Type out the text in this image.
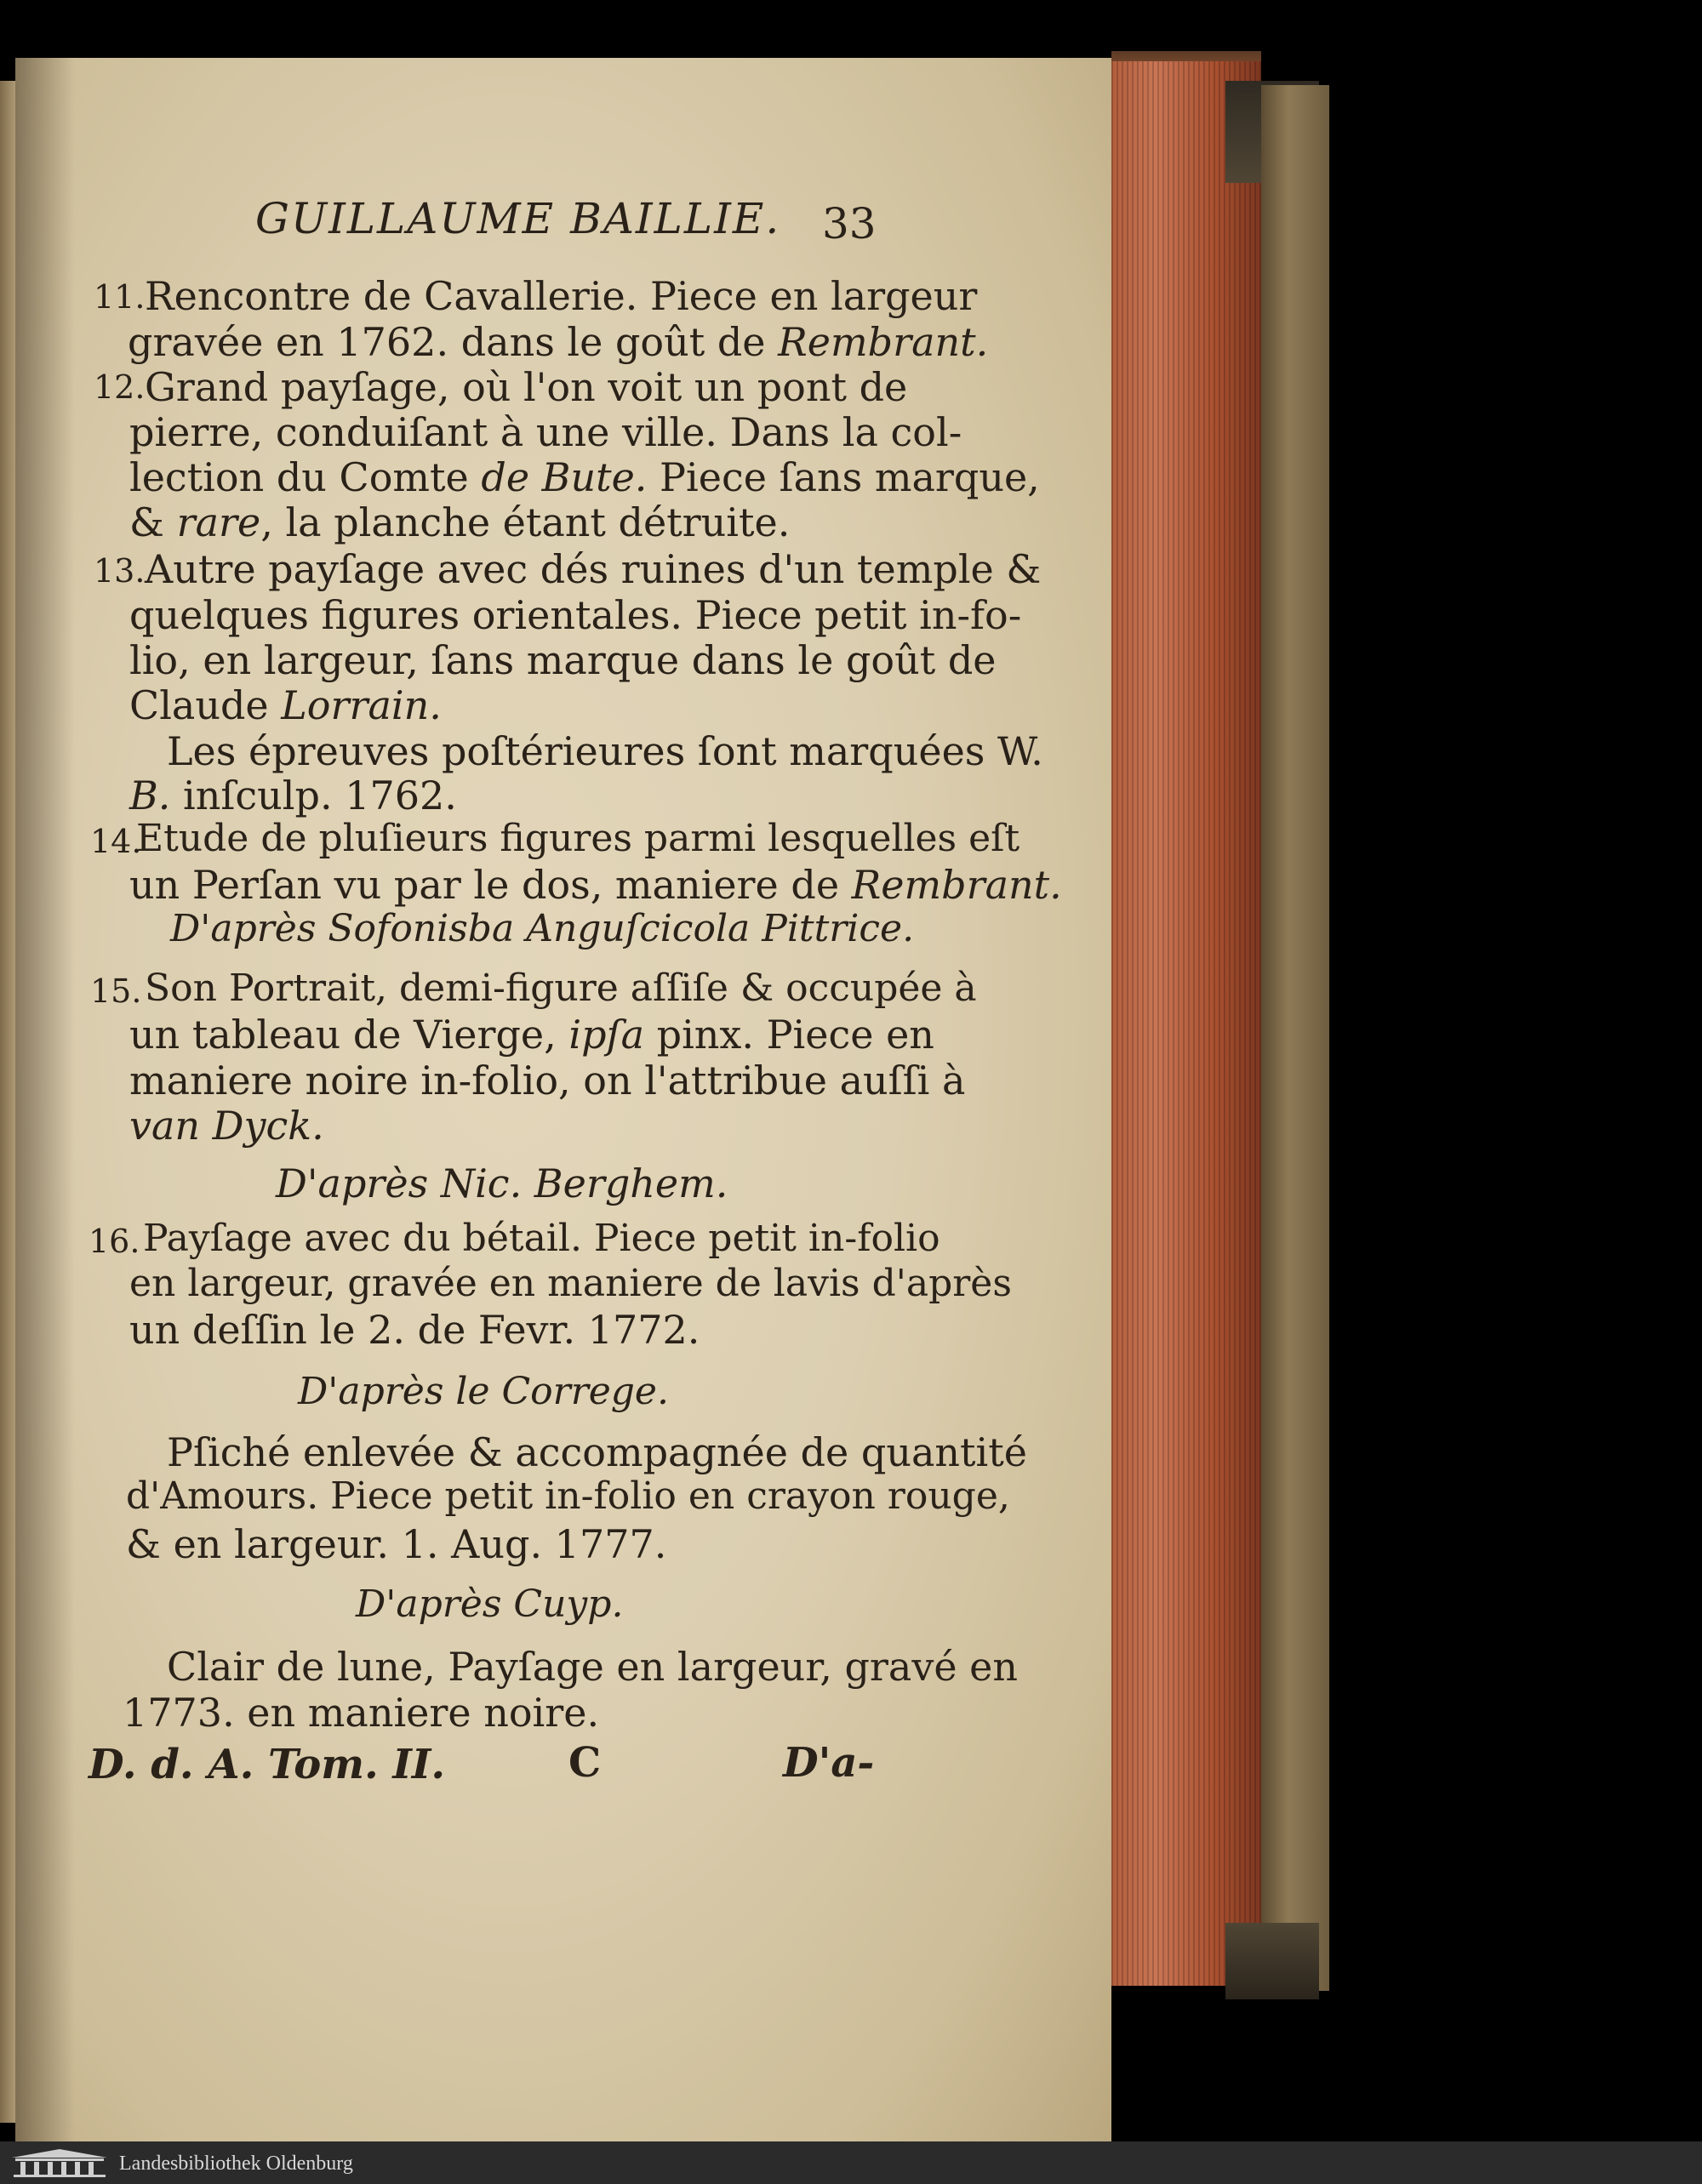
GUILLAUME BAILLIE. 33
11. Rencontre de Cavallerie. Piece en largeur
gravée en 1762. dans le goût de Rembrant.
12. Grand payſage, où l'on voit un pont de
pierre, conduiſant à une ville. Dans la col-
lection du Comte de Bute. Piece ſans marque,
& rare, la planche étant détruite.
13. Autre payſage avec dés ruines d'un temple &
quelques figures orientales. Piece petit in-fo-
lio, en largeur, ſans marque dans le goût de
Claude Lorrain.
Les épreuves poſtérieures ſont marquées W.
B. inſculp. 1762.
14.
Etude de pluſieurs figures parmi lesquelles eſt
un Perſan vu par le dos, maniere de Rembrant.
D'après Sofonisba Anguſcicola Pittrice.
15. Son Portrait, demi-figure aſſiſe & occupée à
un tableau de Vierge, ipſa pinx. Piece en
maniere noire in-folio, on l'attribue auſſi à
van Dyck.
D'après Nic. Berghem.
16. Payſage avec du bétail. Piece petit in-folio
en largeur, gravée en maniere de lavis d'après
un deſſin le 2. de Fevr. 1772.
D'après le Correge.
Pſiché enlevée & accompagnée de quantité
d'Amours. Piece petit in-folio en crayon rouge,
& en largeur. 1. Aug. 1777.
D'après Cuyp.
Clair de lune, Payſage en largeur, gravé en
1773. en maniere noire.
D. d. A. Tom. II.	C	D'a-
Landesbibliothek Oldenburg
